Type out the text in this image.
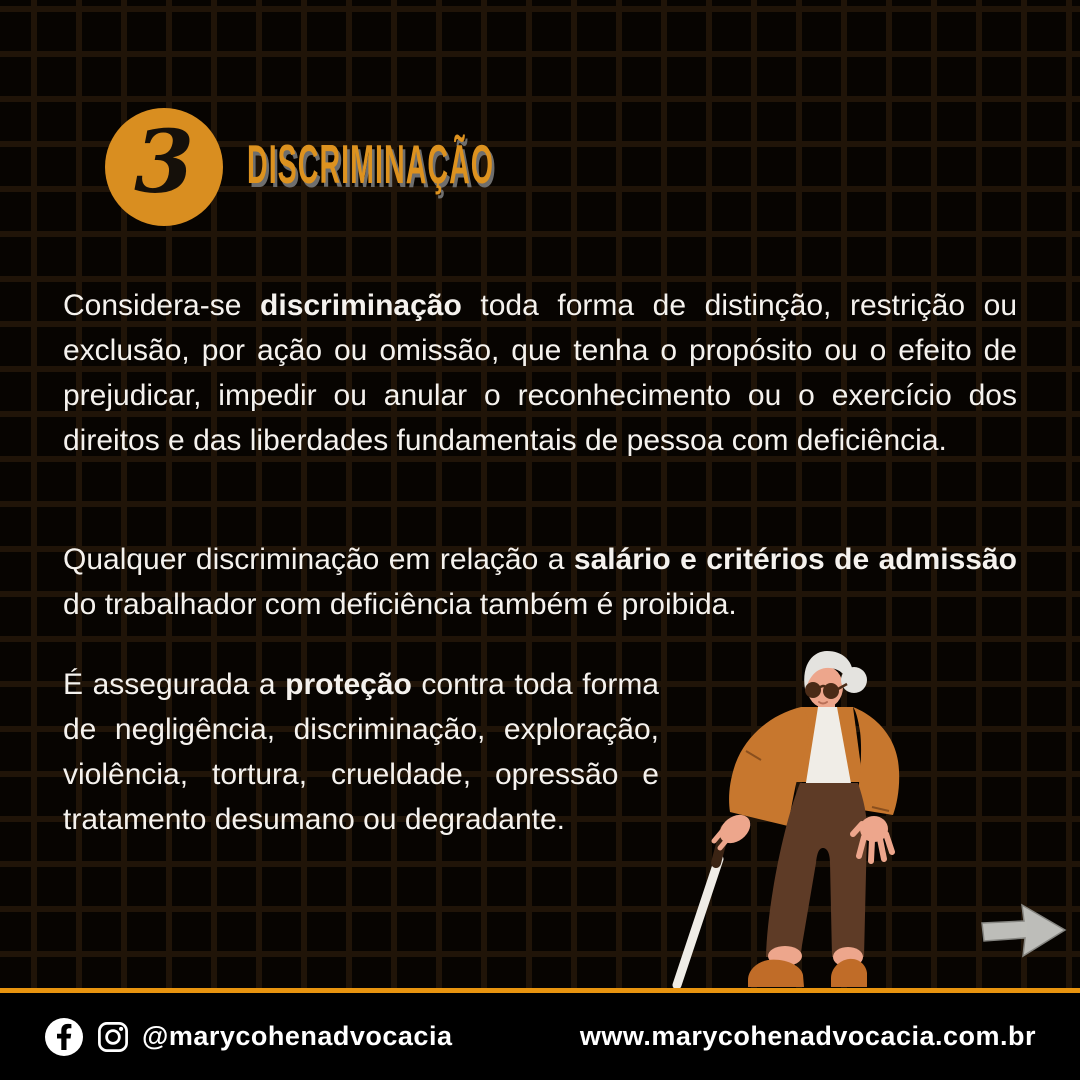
3 DISCRIMINAÇÃO

Considera-se discriminação toda forma de distinção, restrição ou exclusão, por ação ou omissão, que tenha o propósito ou o efeito de prejudicar, impedir ou anular o reconhecimento ou o exercício dos direitos e das liberdades fundamentais de pessoa com deficiência.

Qualquer discriminação em relação a salário e critérios de admissão do trabalhador com deficiência também é proibida.

É assegurada a proteção contra toda forma de negligência, discriminação, exploração, violência, tortura, crueldade, opressão e tratamento desumano ou degradante.

@marycohenadvocacia	www.marycohenadvocacia.com.br
